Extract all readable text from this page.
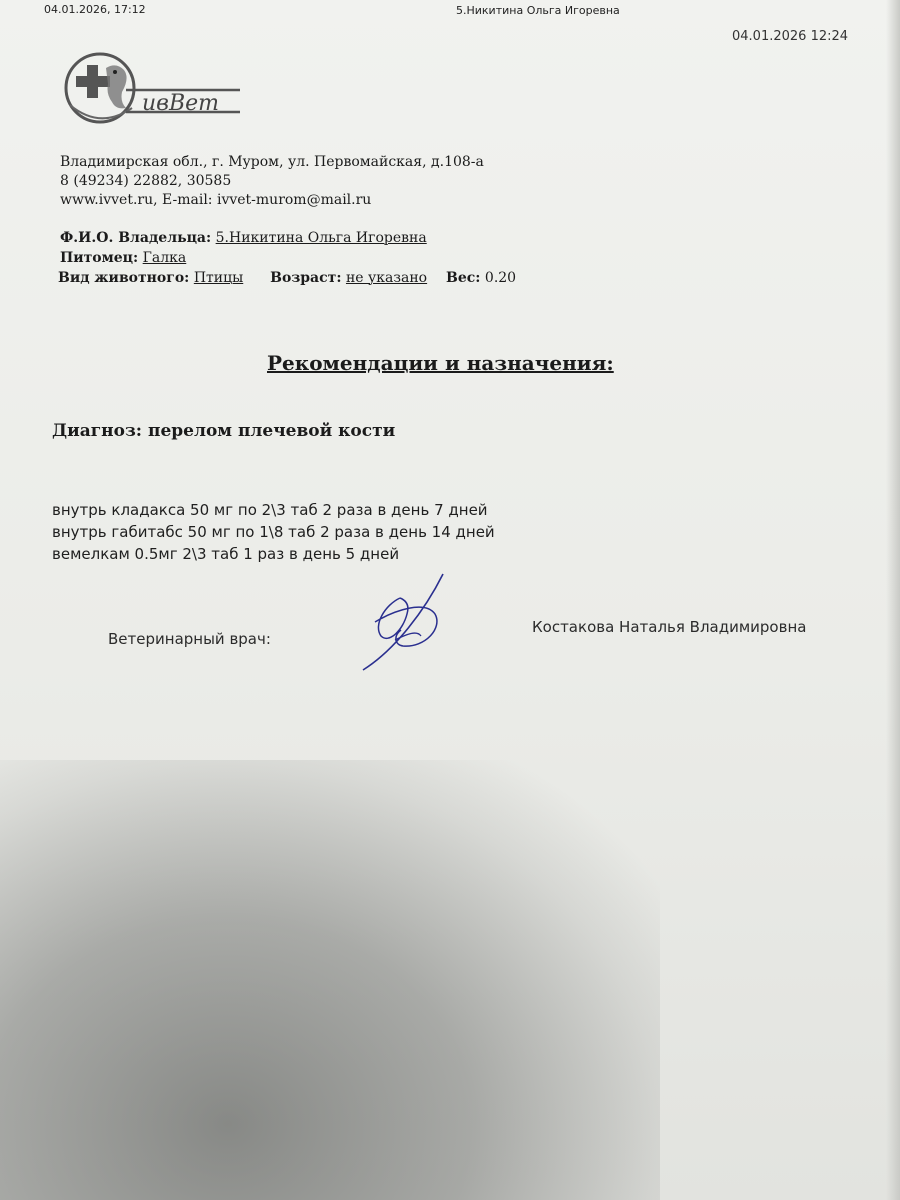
04.01.2026, 17:12	5.Никитина Ольга Игоревна
04.01.2026 12:24
ивВет
Владимирская обл., г. Муром, ул. Первомайская, д.108-а
8 (49234) 22882, 30585
www.ivvet.ru, E-mail: ivvet-murom@mail.ru
Ф.И.О. Владельца: 5.Никитина Ольга Игоревна
Питомец: Галка
Вид животного: Птицы Возраст: не указано Вес: 0.20
Рекомендации и назначения:
Диагноз: перелом плечевой кости
внутрь кладакса 50 мг по 2\3 таб 2 раза в день 7 дней
внутрь габитабс 50 мг по 1\8 таб 2 раза в день 14 дней
вемелкам 0.5мг 2\3 таб 1 раз в день 5 дней
Ветеринарный врач:
Костакова Наталья Владимировна
